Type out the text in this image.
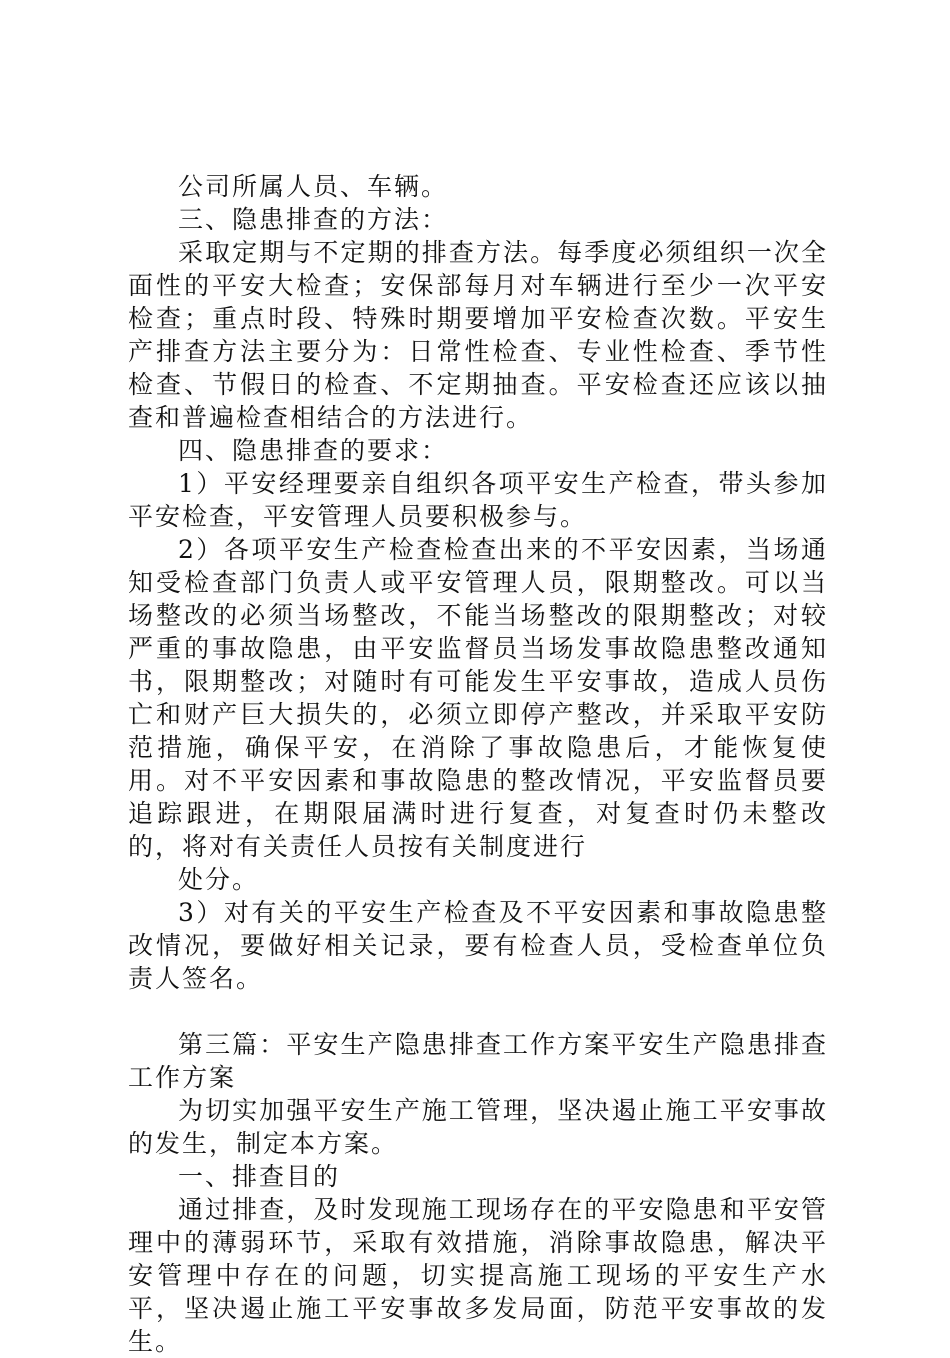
公司所属人员、车辆。

三、隐患排查的方法：

采取定期与不定期的排查方法。每季度必须组织一次全面性的平安大检查；安保部每月对车辆进行至少一次平安检查；重点时段、特殊时期要增加平安检查次数。平安生产排查方法主要分为：日常性检查、专业性检查、季节性检查、节假日的检查、不定期抽查。平安检查还应该以抽查和普遍检查相结合的方法进行。

四、隐患排查的要求：

1）平安经理要亲自组织各项平安生产检查，带头参加平安检查，平安管理人员要积极参与。

2）各项平安生产检查检查出来的不平安因素，当场通知受检查部门负责人或平安管理人员，限期整改。可以当场整改的必须当场整改，不能当场整改的限期整改；对较严重的事故隐患，由平安监督员当场发事故隐患整改通知书，限期整改；对随时有可能发生平安事故，造成人员伤亡和财产巨大损失的，必须立即停产整改，并采取平安防范措施，确保平安，在消除了事故隐患后，才能恢复使用。对不平安因素和事故隐患的整改情况，平安监督员要追踪跟进，在期限届满时进行复查，对复查时仍未整改的，将对有关责任人员按有关制度进行

处分。

3）对有关的平安生产检查及不平安因素和事故隐患整改情况，要做好相关记录，要有检查人员，受检查单位负责人签名。

第三篇：平安生产隐患排查工作方案平安生产隐患排查工作方案

为切实加强平安生产施工管理，坚决遏止施工平安事故的发生，制定本方案。

一、排查目的

通过排查，及时发现施工现场存在的平安隐患和平安管理中的薄弱环节，采取有效措施，消除事故隐患，解决平安管理中存在的问题，切实提高施工现场的平安生产水平，坚决遏止施工平安事故多发局面，防范平安事故的发生。
